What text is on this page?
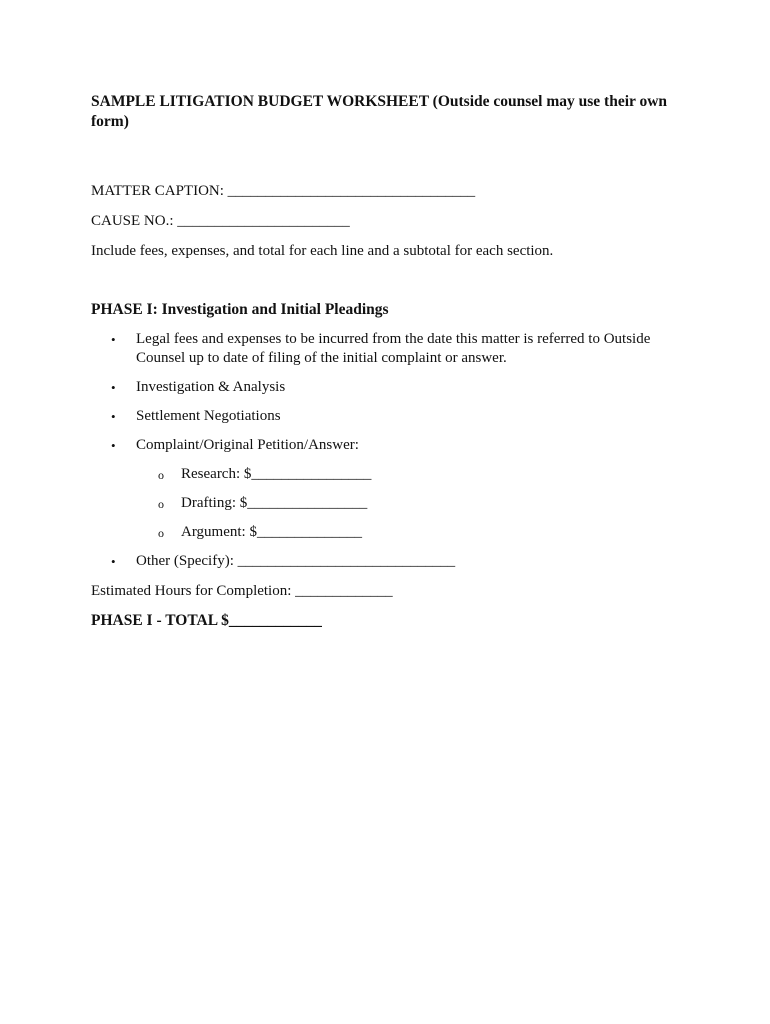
SAMPLE LITIGATION BUDGET WORKSHEET (Outside counsel may use their own form)

MATTER CAPTION: _________________________________

CAUSE NO.: _______________________

Include fees, expenses, and total for each line and a subtotal for each section.

PHASE I: Investigation and Initial Pleadings

• Legal fees and expenses to be incurred from the date this matter is referred to Outside Counsel up to date of filing of the initial complaint or answer.
• Investigation & Analysis
• Settlement Negotiations
• Complaint/Original Petition/Answer:
o Research: $________________
o Drafting: $________________
o Argument: $______________
• Other (Specify): _____________________________

Estimated Hours for Completion: _____________

PHASE I - TOTAL $____________
